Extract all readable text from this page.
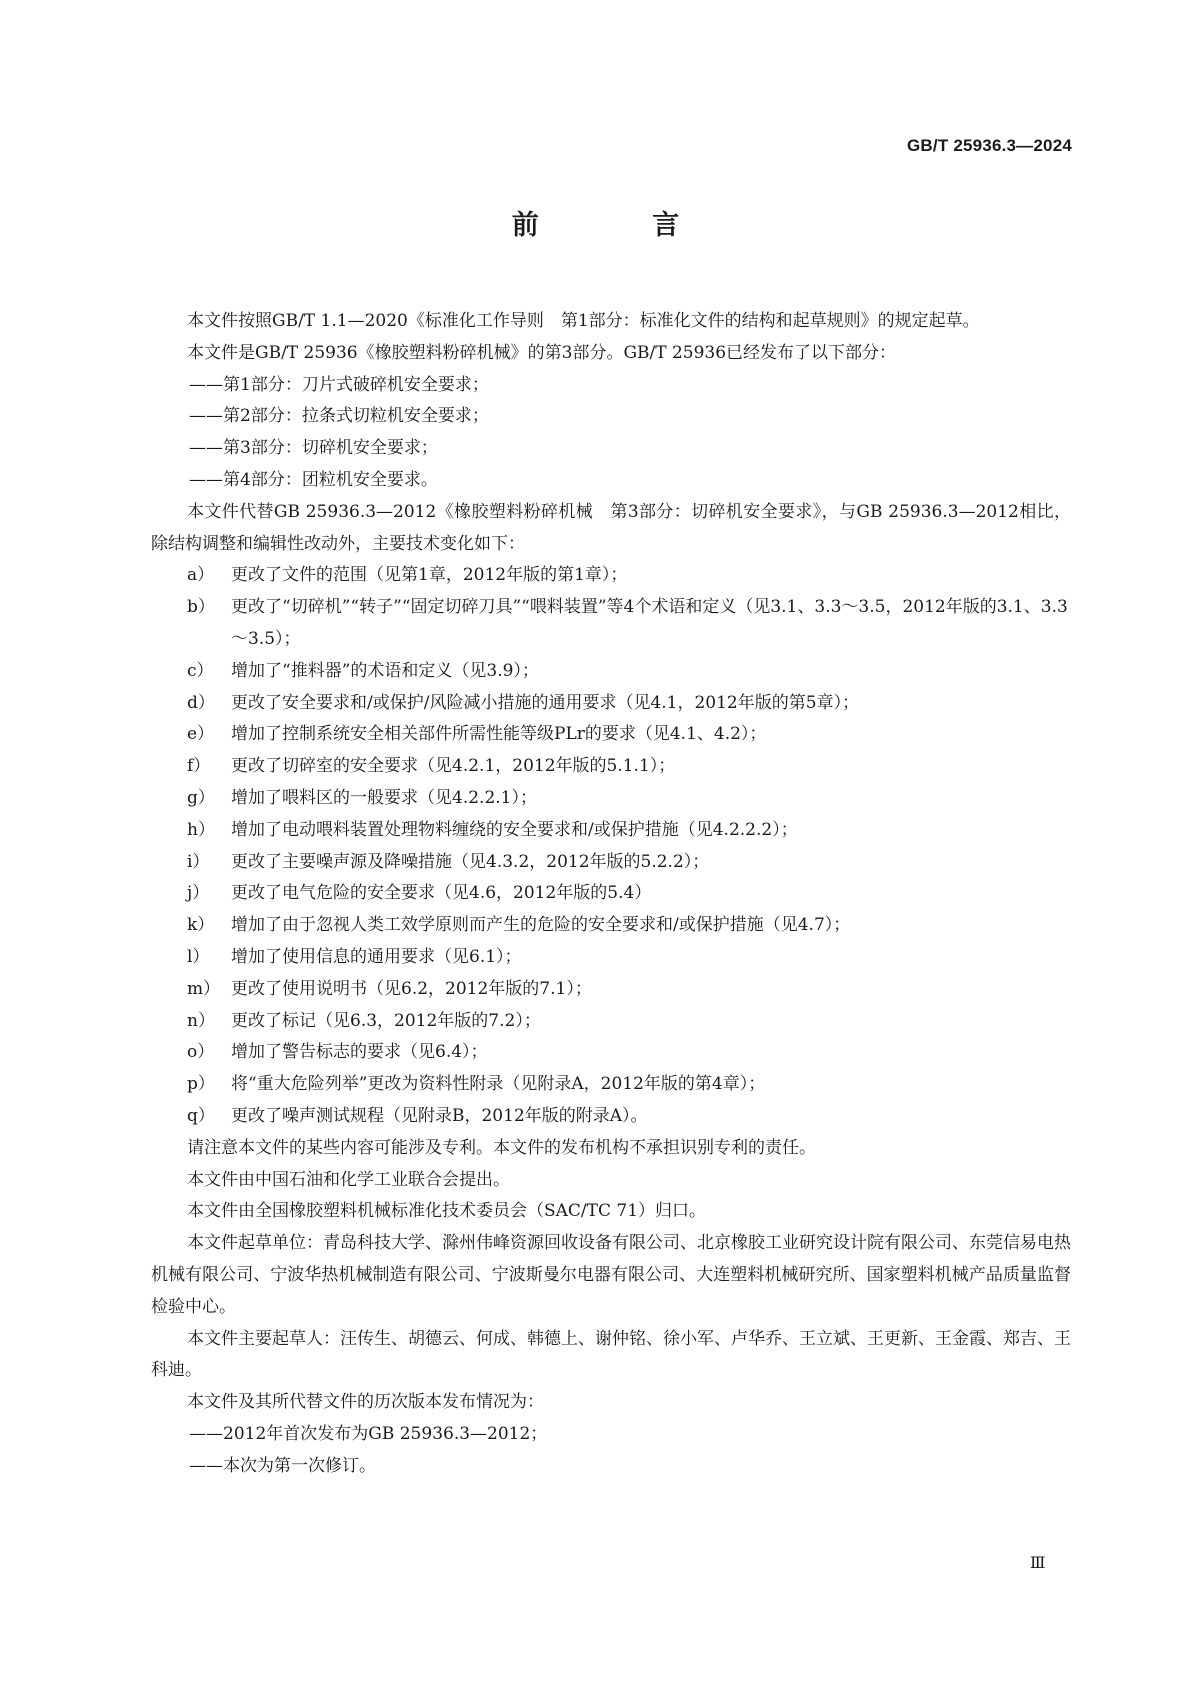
GB/T 25936.3—2024
前 言

本文件按照GB/T 1.1—2020《标准化工作导则　第1部分：标准化文件的结构和起草规则》的规定起草。

本文件是GB/T 25936《橡胶塑料粉碎机械》的第3部分。GB/T 25936已经发布了以下部分：

——第1部分：刀片式破碎机安全要求；

——第2部分：拉条式切粒机安全要求；

——第3部分：切碎机安全要求；

——第4部分：团粒机安全要求。

本文件代替GB 25936.3—2012《橡胶塑料粉碎机械　第3部分：切碎机安全要求》，与GB 25936.3—2012相比，除结构调整和编辑性改动外，主要技术变化如下：

a） 更改了文件的范围（见第1章，2012年版的第1章）；
b） 更改了“切碎机”“转子”“固定切碎刀具”“喂料装置”等4个术语和定义（见3.1、3.3～3.5，2012年版的3.1、3.3～3.5）；
c）	增加了“推料器”的术语和定义（见3.9）；
d） 更改了安全要求和/或保护/风险减小措施的通用要求（见4.1，2012年版的第5章）；
e） 增加了控制系统安全相关部件所需性能等级PLr的要求（见4.1、4.2）；
f）	更改了切碎室的安全要求（见4.2.1，2012年版的5.1.1）；
g） 增加了喂料区的一般要求（见4.2.2.1）；
h） 增加了电动喂料装置处理物料缠绕的安全要求和/或保护措施（见4.2.2.2）；
i）	更改了主要噪声源及降噪措施（见4.3.2，2012年版的5.2.2）；
j）	更改了电气危险的安全要求（见4.6，2012年版的5.4）
k） 增加了由于忽视人类工效学原则而产生的危险的安全要求和/或保护措施（见4.7）；
l）	增加了使用信息的通用要求（见6.1）；
m） 更改了使用说明书（见6.2，2012年版的7.1）；
n） 更改了标记（见6.3，2012年版的7.2）；
o） 增加了警告标志的要求（见6.4）；
p） 将“重大危险列举”更改为资料性附录（见附录A，2012年版的第4章）；
q） 更改了噪声测试规程（见附录B，2012年版的附录A）。

请注意本文件的某些内容可能涉及专利。本文件的发布机构不承担识别专利的责任。

本文件由中国石油和化学工业联合会提出。

本文件由全国橡胶塑料机械标准化技术委员会（SAC/TC 71）归口。

本文件起草单位：青岛科技大学、滁州伟峰资源回收设备有限公司、北京橡胶工业研究设计院有限公司、东莞信易电热机械有限公司、宁波华热机械制造有限公司、宁波斯曼尔电器有限公司、大连塑料机械研究所、国家塑料机械产品质量监督检验中心。

本文件主要起草人：汪传生、胡德云、何成、韩德上、谢仲铭、徐小军、卢华乔、王立斌、王更新、王金霞、郑吉、王科迪。

本文件及其所代替文件的历次版本发布情况为：

——2012年首次发布为GB 25936.3—2012；

——本次为第一次修订。

Ⅲ
